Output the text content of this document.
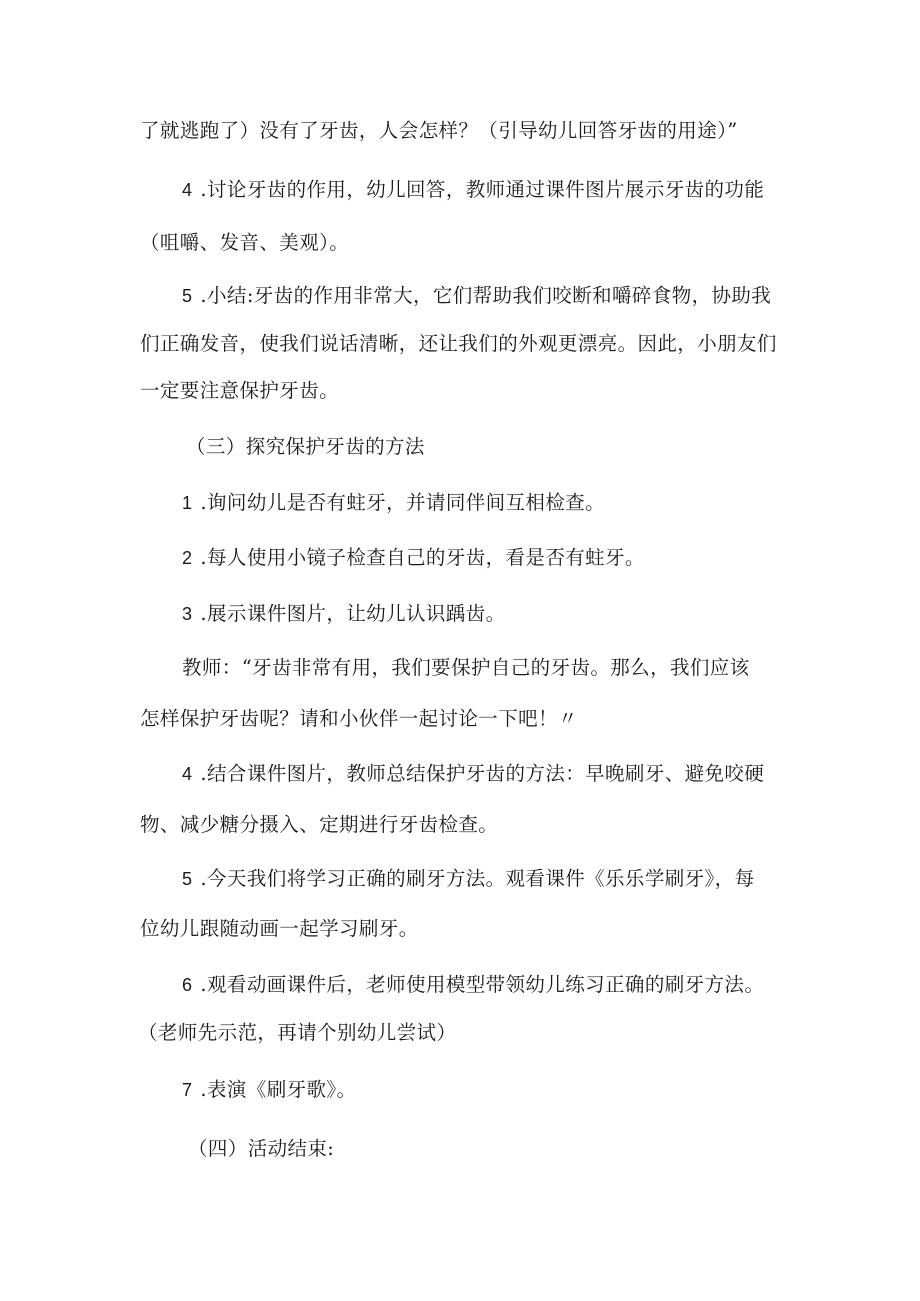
了就逃跑了）没有了牙齿，人会怎样？（引导幼儿回答牙齿的用途）”
4 .讨论牙齿的作用，幼儿回答，教师通过课件图片展示牙齿的功能
（咀嚼、发音、美观）。
5 .小结:牙齿的作用非常大，它们帮助我们咬断和嚼碎食物，协助我
们正确发音，使我们说话清晰，还让我们的外观更漂亮。因此，小朋友们
一定要注意保护牙齿。
（三）探究保护牙齿的方法
1 .询问幼儿是否有蛀牙，并请同伴间互相检查。
2 .每人使用小镜子检查自己的牙齿，看是否有蛀牙。
3 .展示课件图片，让幼儿认识踽齿。
教师：“牙齿非常有用，我们要保护自己的牙齿。那么，我们应该
怎样保护牙齿呢？请和小伙伴一起讨论一下吧！〃
4 .结合课件图片，教师总结保护牙齿的方法：早晚刷牙、避免咬硬
物、减少糖分摄入、定期进行牙齿检查。
5 .今天我们将学习正确的刷牙方法。观看课件《乐乐学刷牙》，每
位幼儿跟随动画一起学习刷牙。
6 .观看动画课件后，老师使用模型带领幼儿练习正确的刷牙方法。
（老师先示范，再请个别幼儿尝试）
7 .表演《刷牙歌》。
（四）活动结束:
